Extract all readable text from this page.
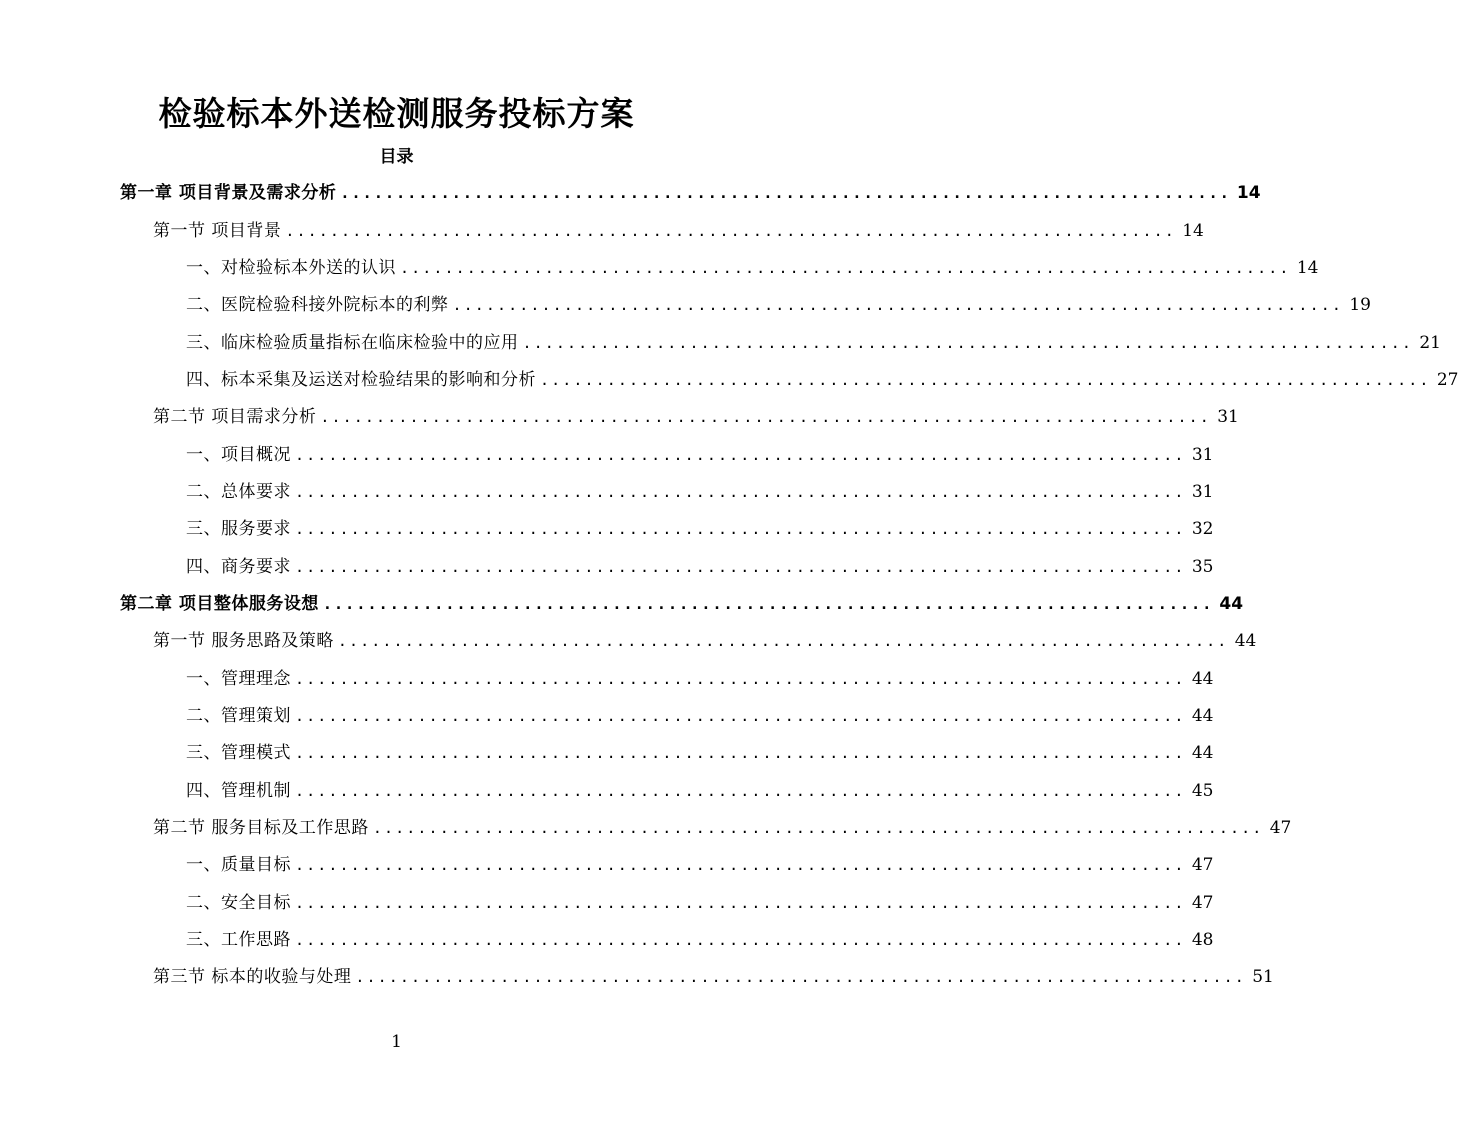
检验标本外送检测服务投标方案
目录
第一章 项目背景及需求分析 ................................................................................ 14
第一节 项目背景 ................................................................................ 14
一、对检验标本外送的认识 ................................................................................ 14
二、医院检验科接外院标本的利弊 ................................................................................ 19
三、临床检验质量指标在临床检验中的应用 ................................................................................ 21
四、标本采集及运送对检验结果的影响和分析 ................................................................................ 27
第二节 项目需求分析 ................................................................................ 31
一、项目概况 ................................................................................ 31
二、总体要求 ................................................................................ 31
三、服务要求 ................................................................................ 32
四、商务要求 ................................................................................ 35
第二章 项目整体服务设想 ................................................................................ 44
第一节 服务思路及策略 ................................................................................ 44
一、管理理念 ................................................................................ 44
二、管理策划 ................................................................................ 44
三、管理模式 ................................................................................ 44
四、管理机制 ................................................................................ 45
第二节 服务目标及工作思路 ................................................................................ 47
一、质量目标 ................................................................................ 47
二、安全目标 ................................................................................ 47
三、工作思路 ................................................................................ 48
第三节 标本的收验与处理 ................................................................................ 51
1
